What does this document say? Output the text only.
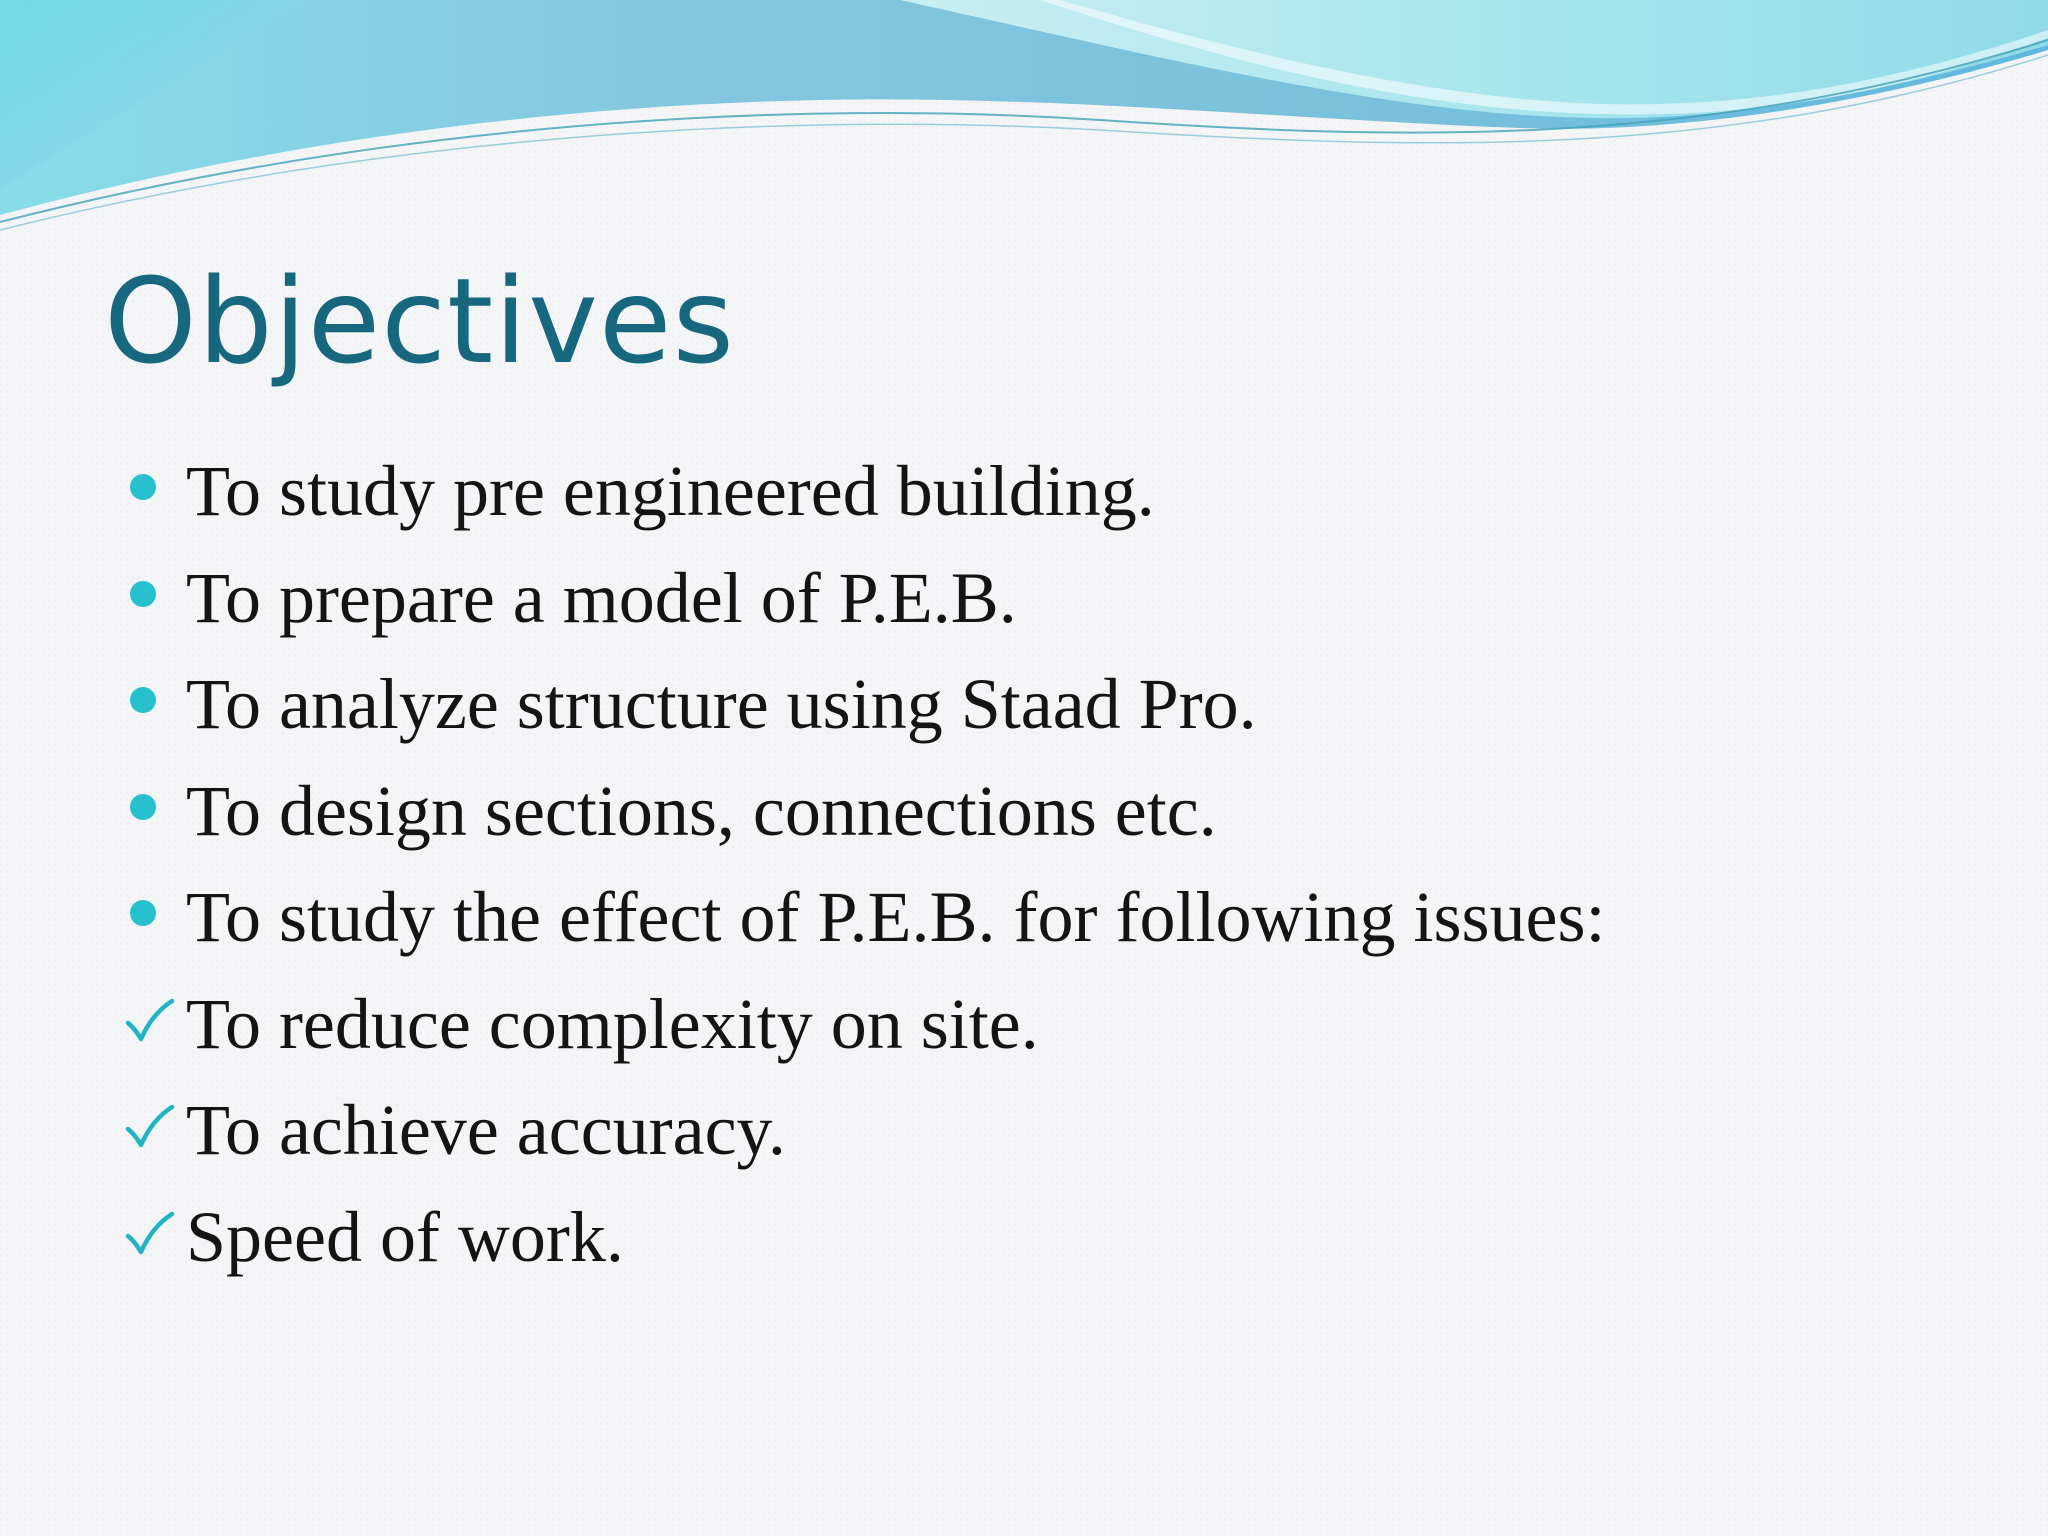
Objectives
To study pre engineered building.
To prepare a model of P.E.B.
To analyze structure using Staad Pro.
To design sections, connections etc.
To study the effect of P.E.B. for following issues:
To reduce complexity on site.
To achieve accuracy.
Speed of work.
